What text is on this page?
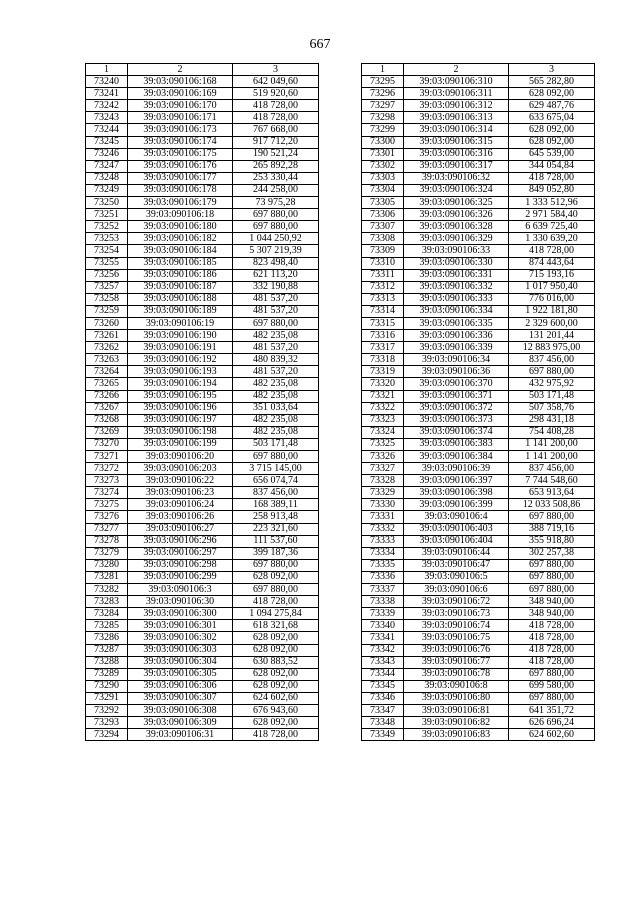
667
1	2	3
73240	39:03:090106:168	642 049,60
73241	39:03:090106:169	519 920,60
73242	39:03:090106:170	418 728,00
73243	39:03:090106:171	418 728,00
73244	39:03:090106:173	767 668,00
73245	39:03:090106:174	917 712,20
73246	39:03:090106:175	190 521,24
73247	39:03:090106:176	265 892,28
73248	39:03:090106:177	253 330,44
73249	39:03:090106:178	244 258,00
73250	39:03:090106:179	73 975,28
73251	39:03:090106:18	697 880,00
73252	39:03:090106:180	697 880,00
73253	39:03:090106:182	1 044 250,92
73254	39:03:090106:184	5 307 219,39
73255	39:03:090106:185	823 498,40
73256	39:03:090106:186	621 113,20
73257	39:03:090106:187	332 190,88
73258	39:03:090106:188	481 537,20
73259	39:03:090106:189	481 537,20
73260	39:03:090106:19	697 880,00
73261	39:03:090106:190	482 235,08
73262	39:03:090106:191	481 537,20
73263	39:03:090106:192	480 839,32
73264	39:03:090106:193	481 537,20
73265	39:03:090106:194	482 235,08
73266	39:03:090106:195	482 235,08
73267	39:03:090106:196	351 033,64
73268	39:03:090106:197	482 235,08
73269	39:03:090106:198	482 235,08
73270	39:03:090106:199	503 171,48
73271	39:03:090106:20	697 880,00
73272	39:03:090106:203	3 715 145,00
73273	39:03:090106:22	656 074,74
73274	39:03:090106:23	837 456,00
73275	39:03:090106:24	168 389,11
73276	39:03:090106:26	258 913,48
73277	39:03:090106:27	223 321,60
73278	39:03:090106:296	111 537,60
73279	39:03:090106:297	399 187,36
73280	39:03:090106:298	697 880,00
73281	39:03:090106:299	628 092,00
73282	39:03:090106:3	697 880,00
73283	39:03:090106:30	418 728,00
73284	39:03:090106:300	1 094 275,84
73285	39:03:090106:301	618 321,68
73286	39:03:090106:302	628 092,00
73287	39:03:090106:303	628 092,00
73288	39:03:090106:304	630 883,52
73289	39:03:090106:305	628 092,00
73290	39:03:090106:306	628 092,00
73291	39:03:090106:307	624 602,60
73292	39:03:090106:308	676 943,60
73293	39:03:090106:309	628 092,00
73294	39:03:090106:31	418 728,00
1	2	3
73295	39:03:090106:310	565 282,80
73296	39:03:090106:311	628 092,00
73297	39:03:090106:312	629 487,76
73298	39:03:090106:313	633 675,04
73299	39:03:090106:314	628 092,00
73300	39:03:090106:315	628 092,00
73301	39:03:090106:316	645 539,00
73302	39:03:090106:317	344 054,84
73303	39:03:090106:32	418 728,00
73304	39:03:090106:324	849 052,80
73305	39:03:090106:325	1 333 512,96
73306	39:03:090106:326	2 971 584,40
73307	39:03:090106:328	6 639 725,40
73308	39:03:090106:329	1 330 639,20
73309	39:03:090106:33	418 728,00
73310	39:03:090106:330	874 443,64
73311	39:03:090106:331	715 193,16
73312	39:03:090106:332	1 017 950,40
73313	39:03:090106:333	776 016,00
73314	39:03:090106:334	1 922 181,80
73315	39:03:090106:335	2 329 600,00
73316	39:03:090106:336	131 201,44
73317	39:03:090106:339	12 883 975,00
73318	39:03:090106:34	837 456,00
73319	39:03:090106:36	697 880,00
73320	39:03:090106:370	432 975,92
73321	39:03:090106:371	503 171,48
73322	39:03:090106:372	507 358,76
73323	39:03:090106:373	298 431,18
73324	39:03:090106:374	754 408,28
73325	39:03:090106:383	1 141 200,00
73326	39:03:090106:384	1 141 200,00
73327	39:03:090106:39	837 456,00
73328	39:03:090106:397	7 744 548,60
73329	39:03:090106:398	653 913,64
73330	39:03:090106:399	12 033 508,86
73331	39:03:090106:4	697 880,00
73332	39:03:090106:403	388 719,16
73333	39:03:090106:404	355 918,80
73334	39:03:090106:44	302 257,38
73335	39:03:090106:47	697 880,00
73336	39:03:090106:5	697 880,00
73337	39:03:090106:6	697 880,00
73338	39:03:090106:72	348 940,00
73339	39:03:090106:73	348 940,00
73340	39:03:090106:74	418 728,00
73341	39:03:090106:75	418 728,00
73342	39:03:090106:76	418 728,00
73343	39:03:090106:77	418 728,00
73344	39:03:090106:78	697 880,00
73345	39:03:090106:8	699 580,00
73346	39:03:090106:80	697 880,00
73347	39:03:090106:81	641 351,72
73348	39:03:090106:82	626 696,24
73349	39:03:090106:83	624 602,60
